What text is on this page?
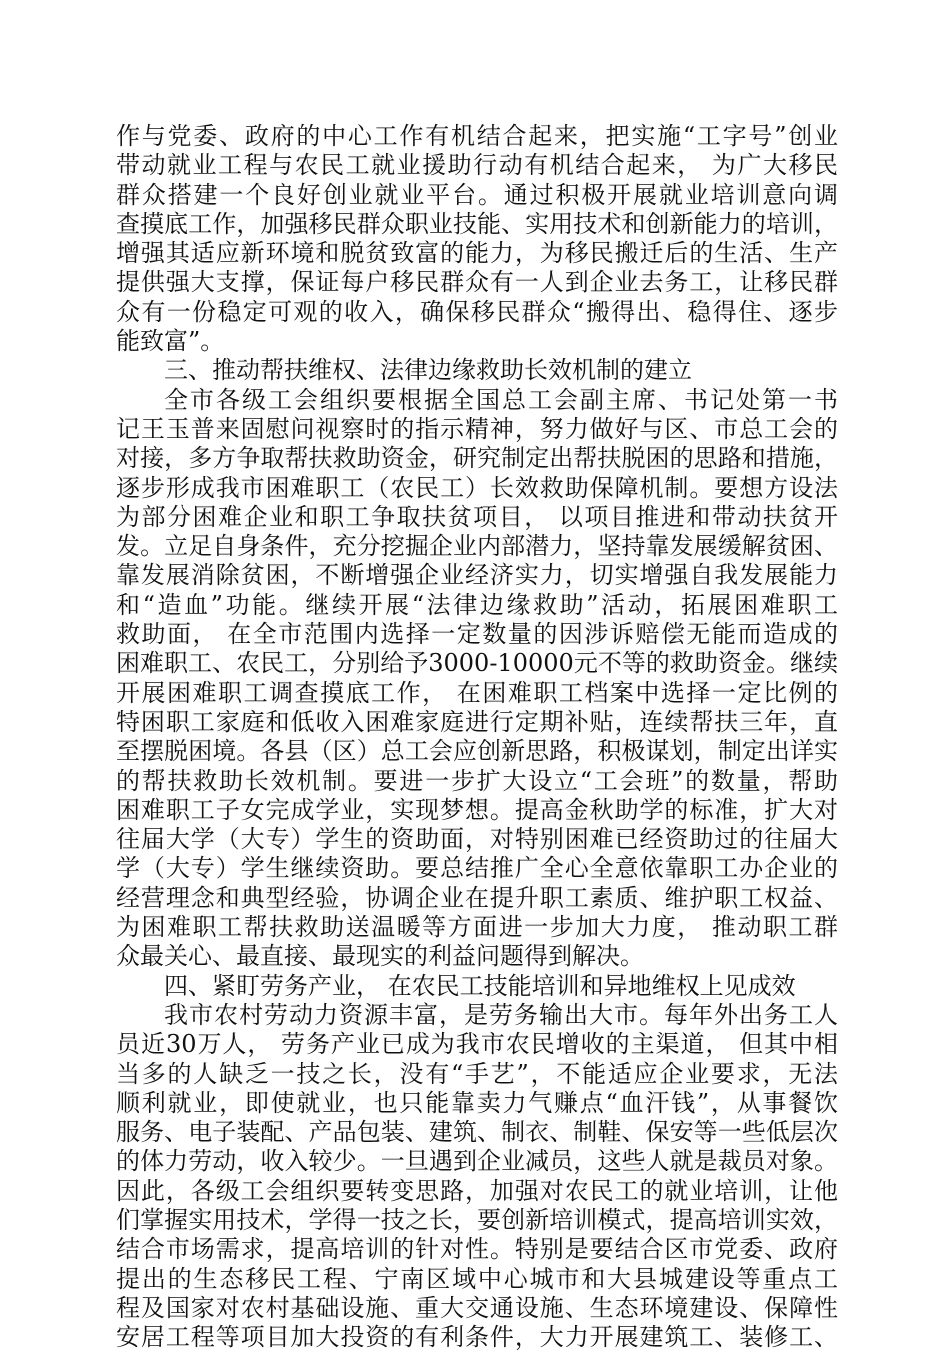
作与党委、政府的中心工作有机结合起来，把实施“工字号”创业
带动就业工程与农民工就业援助行动有机结合起来， 为广大移民
群众搭建一个良好创业就业平台。通过积极开展就业培训意向调
查摸底工作，加强移民群众职业技能、实用技术和创新能力的培训，
增强其适应新环境和脱贫致富的能力，为移民搬迁后的生活、生产
提供强大支撑，保证每户移民群众有一人到企业去务工，让移民群
众有一份稳定可观的收入，确保移民群众“搬得出、稳得住、逐步
能致富”。
三、推动帮扶维权、法律边缘救助长效机制的建立
全市各级工会组织要根据全国总工会副主席、书记处第一书
记王玉普来固慰问视察时的指示精神，努力做好与区、市总工会的
对接，多方争取帮扶救助资金，研究制定出帮扶脱困的思路和措施，
逐步形成我市困难职工（农民工）长效救助保障机制。要想方设法
为部分困难企业和职工争取扶贫项目， 以项目推进和带动扶贫开
发。立足自身条件，充分挖掘企业内部潜力，坚持靠发展缓解贫困、
靠发展消除贫困，不断增强企业经济实力，切实增强自我发展能力
和“造血”功能。继续开展“法律边缘救助”活动，拓展困难职工
救助面， 在全市范围内选择一定数量的因涉诉赔偿无能而造成的
困难职工、农民工，分别给予3000-10000元不等的救助资金。继续
开展困难职工调查摸底工作， 在困难职工档案中选择一定比例的
特困职工家庭和低收入困难家庭进行定期补贴，连续帮扶三年，直
至摆脱困境。各县（区）总工会应创新思路，积极谋划，制定出详实
的帮扶救助长效机制。要进一步扩大设立“工会班”的数量，帮助
困难职工子女完成学业，实现梦想。提高金秋助学的标准，扩大对
往届大学（大专）学生的资助面，对特别困难已经资助过的往届大
学（大专）学生继续资助。要总结推广全心全意依靠职工办企业的
经营理念和典型经验，协调企业在提升职工素质、维护职工权益、
为困难职工帮扶救助送温暖等方面进一步加大力度， 推动职工群
众最关心、最直接、最现实的利益问题得到解决。
四、紧盯劳务产业， 在农民工技能培训和异地维权上见成效
我市农村劳动力资源丰富，是劳务输出大市。每年外出务工人
员近30万人， 劳务产业已成为我市农民增收的主渠道， 但其中相
当多的人缺乏一技之长，没有“手艺”，不能适应企业要求，无法
顺利就业，即使就业，也只能靠卖力气赚点“血汗钱”，从事餐饮
服务、电子装配、产品包装、建筑、制衣、制鞋、保安等一些低层次
的体力劳动，收入较少。一旦遇到企业减员，这些人就是裁员对象。
因此，各级工会组织要转变思路，加强对农民工的就业培训，让他
们掌握实用技术，学得一技之长，要创新培训模式，提高培训实效，
结合市场需求，提高培训的针对性。特别是要结合区市党委、政府
提出的生态移民工程、宁南区域中心城市和大县城建设等重点工
程及国家对农村基础设施、重大交通设施、生态环境建设、保障性
安居工程等项目加大投资的有利条件，大力开展建筑工、装修工、
